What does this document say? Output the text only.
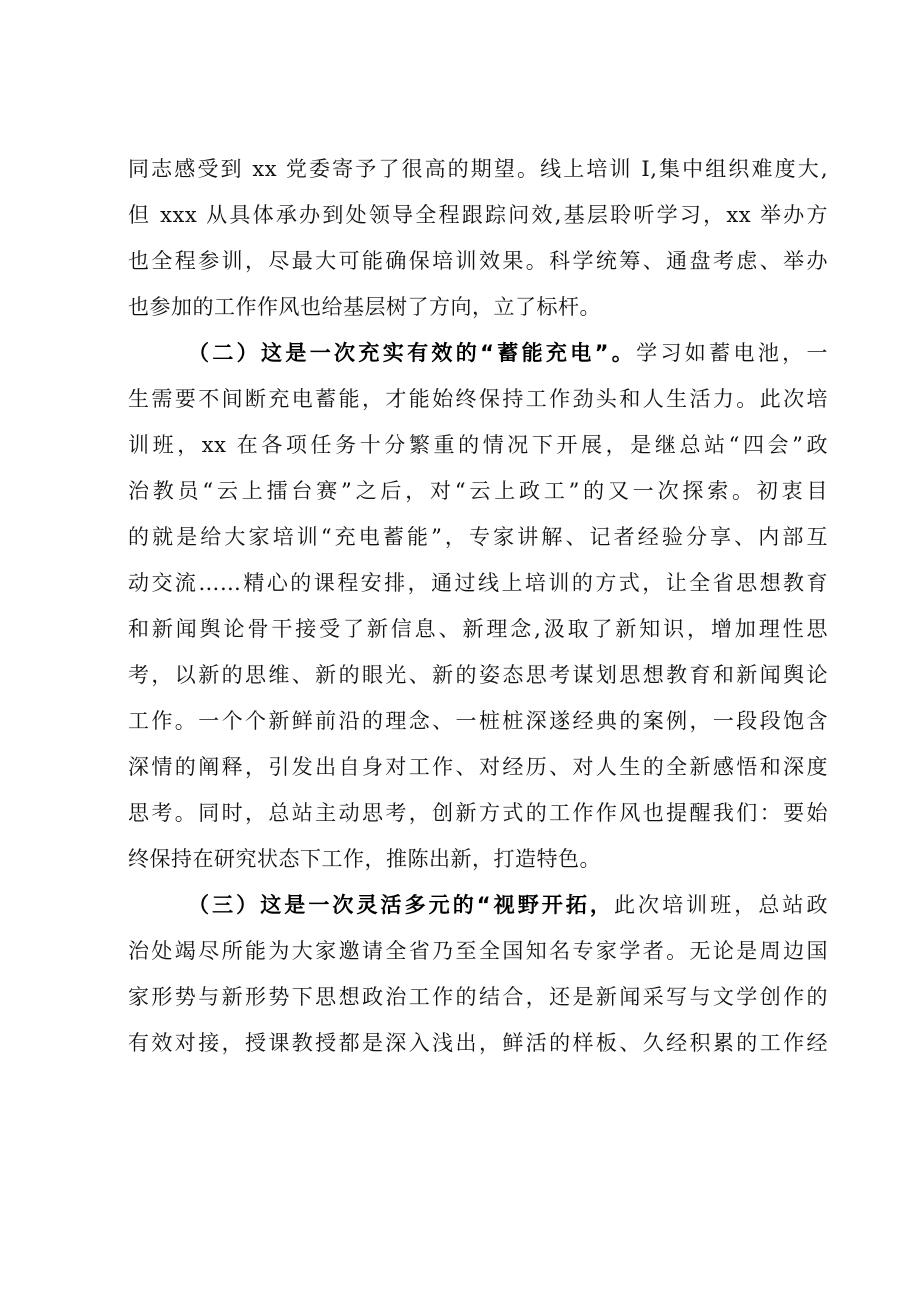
同志感受到 xx 党委寄予了很高的期望。线上培训 I,集中组织难度大,
但 xxx 从具体承办到处领导全程跟踪问效,基层聆听学习，xx 举办方
也全程参训，尽最大可能确保培训效果。科学统筹、通盘考虑、举办
也参加的工作作风也给基层树了方向，立了标杆。
（二）这是一次充实有效的“蓄能充电”。学习如蓄电池，一
生需要不间断充电蓄能，才能始终保持工作劲头和人生活力。此次培
训班，xx 在各项任务十分繁重的情况下开展，是继总站“四会”政
治教员“云上擂台赛”之后，对“云上政工”的又一次探索。初衷目
的就是给大家培训“充电蓄能”，专家讲解、记者经验分享、内部互
动交流……精心的课程安排，通过线上培训的方式，让全省思想教育
和新闻舆论骨干接受了新信息、新理念,汲取了新知识，增加理性思
考，以新的思维、新的眼光、新的姿态思考谋划思想教育和新闻舆论
工作。一个个新鲜前沿的理念、一桩桩深遂经典的案例，一段段饱含
深情的阐释，引发出自身对工作、对经历、对人生的全新感悟和深度
思考。同时，总站主动思考，创新方式的工作作风也提醒我们：要始
终保持在研究状态下工作，推陈出新，打造特色。
（三）这是一次灵活多元的“视野开拓，此次培训班，总站政
治处竭尽所能为大家邀请全省乃至全国知名专家学者。无论是周边国
家形势与新形势下思想政治工作的结合，还是新闻采写与文学创作的
有效对接，授课教授都是深入浅出，鲜活的样板、久经积累的工作经
